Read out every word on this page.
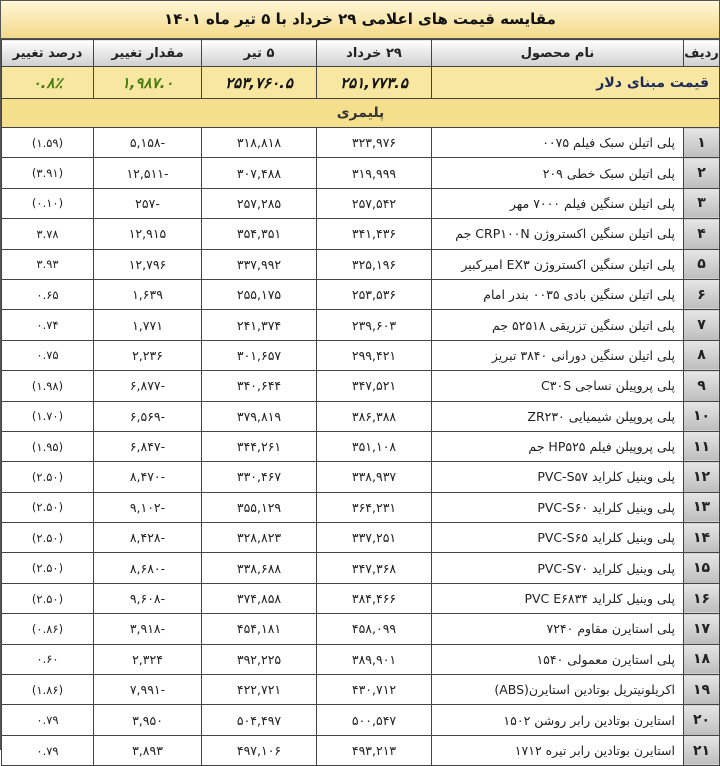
مقایسه قیمت های اعلامی ۲۹ خرداد با ۵ تیر ماه ۱۴۰۱
ردیف	نام محصول	۲۹ خرداد	۵ تیر	مقدار تغییر	درصد تغییر
قیمت مبنای دلار		۲۵۱,۷۷۳.۵	۲۵۳,۷۶۰.۵	۱,۹۸۷.۰	۰.۸٪
پلیمری					
۱	پلی اتیلن سبک فیلم ۰۰۷۵	۳۲۳,۹۷۶	۳۱۸,۸۱۸	-۵,۱۵۸	(۱.۵۹)
۲	پلی اتیلن سبک خطی ۲۰۹	۳۱۹,۹۹۹	۳۰۷,۴۸۸	-۱۲,۵۱۱	(۳.۹۱)
۳	پلی اتیلن سنگین فیلم ۷۰۰۰ مهر	۲۵۷,۵۴۲	۲۵۷,۲۸۵	-۲۵۷	(۰.۱۰)
۴	پلی اتیلن سنگین اکستروژن CRP۱۰۰N جم	۳۴۱,۴۳۶	۳۵۴,۳۵۱	۱۲,۹۱۵	۳.۷۸
۵	پلی اتیلن سنگین اکستروژن EX۳ امیرکبیر	۳۲۵,۱۹۶	۳۳۷,۹۹۲	۱۲,۷۹۶	۳.۹۳
۶	پلی اتیلن سنگین بادی ۰۰۳۵ بندر امام	۲۵۳,۵۳۶	۲۵۵,۱۷۵	۱,۶۳۹	۰.۶۵
۷	پلی اتیلن سنگین تزریقی ۵۲۵۱۸ جم	۲۳۹,۶۰۳	۲۴۱,۳۷۴	۱,۷۷۱	۰.۷۴
۸	پلی اتیلن سنگین دورانی ۳۸۴۰ تبریز	۲۹۹,۴۲۱	۳۰۱,۶۵۷	۲,۲۳۶	۰.۷۵
۹	پلی پروپیلن نساجی C۳۰S	۳۴۷,۵۲۱	۳۴۰,۶۴۴	-۶,۸۷۷	(۱.۹۸)
۱۰	پلی پروپیلن شیمیایی ZR۲۳۰	۳۸۶,۳۸۸	۳۷۹,۸۱۹	-۶,۵۶۹	(۱.۷۰)
۱۱	پلی پروپیلن فیلم HP۵۲۵ جم	۳۵۱,۱۰۸	۳۴۴,۲۶۱	-۶,۸۴۷	(۱.۹۵)
۱۲	پلی وینیل کلراید PVC-S۵۷	۳۳۸,۹۳۷	۳۳۰,۴۶۷	-۸,۴۷۰	(۲.۵۰)
۱۳	پلی وینیل کلراید PVC-S۶۰	۳۶۴,۲۳۱	۳۵۵,۱۲۹	-۹,۱۰۲	(۲.۵۰)
۱۴	پلی وینیل کلراید PVC-S۶۵	۳۳۷,۲۵۱	۳۲۸,۸۲۳	-۸,۴۲۸	(۲.۵۰)
۱۵	پلی وینیل کلراید PVC-S۷۰	۳۴۷,۳۶۸	۳۳۸,۶۸۸	-۸,۶۸۰	(۲.۵۰)
۱۶	پلی وینیل کلراید PVC E۶۸۳۴	۳۸۴,۴۶۶	۳۷۴,۸۵۸	-۹,۶۰۸	(۲.۵۰)
۱۷	پلی استایرن مقاوم ۷۲۴۰	۴۵۸,۰۹۹	۴۵۴,۱۸۱	-۳,۹۱۸	(۰.۸۶)
۱۸	پلی استایرن معمولی ۱۵۴۰	۳۸۹,۹۰۱	۳۹۲,۲۲۵	۲,۳۲۴	۰.۶۰
۱۹	اکریلونیتریل بوتادین استایرن(ABS)	۴۳۰,۷۱۲	۴۲۲,۷۲۱	-۷,۹۹۱	(۱.۸۶)
۲۰	استایرن بوتادین رابر روشن ۱۵۰۲	۵۰۰,۵۴۷	۵۰۴,۴۹۷	۳,۹۵۰	۰.۷۹
۲۱	استایرن بوتادین رابر تیره ۱۷۱۲	۴۹۳,۲۱۳	۴۹۷,۱۰۶	۳,۸۹۳	۰.۷۹
